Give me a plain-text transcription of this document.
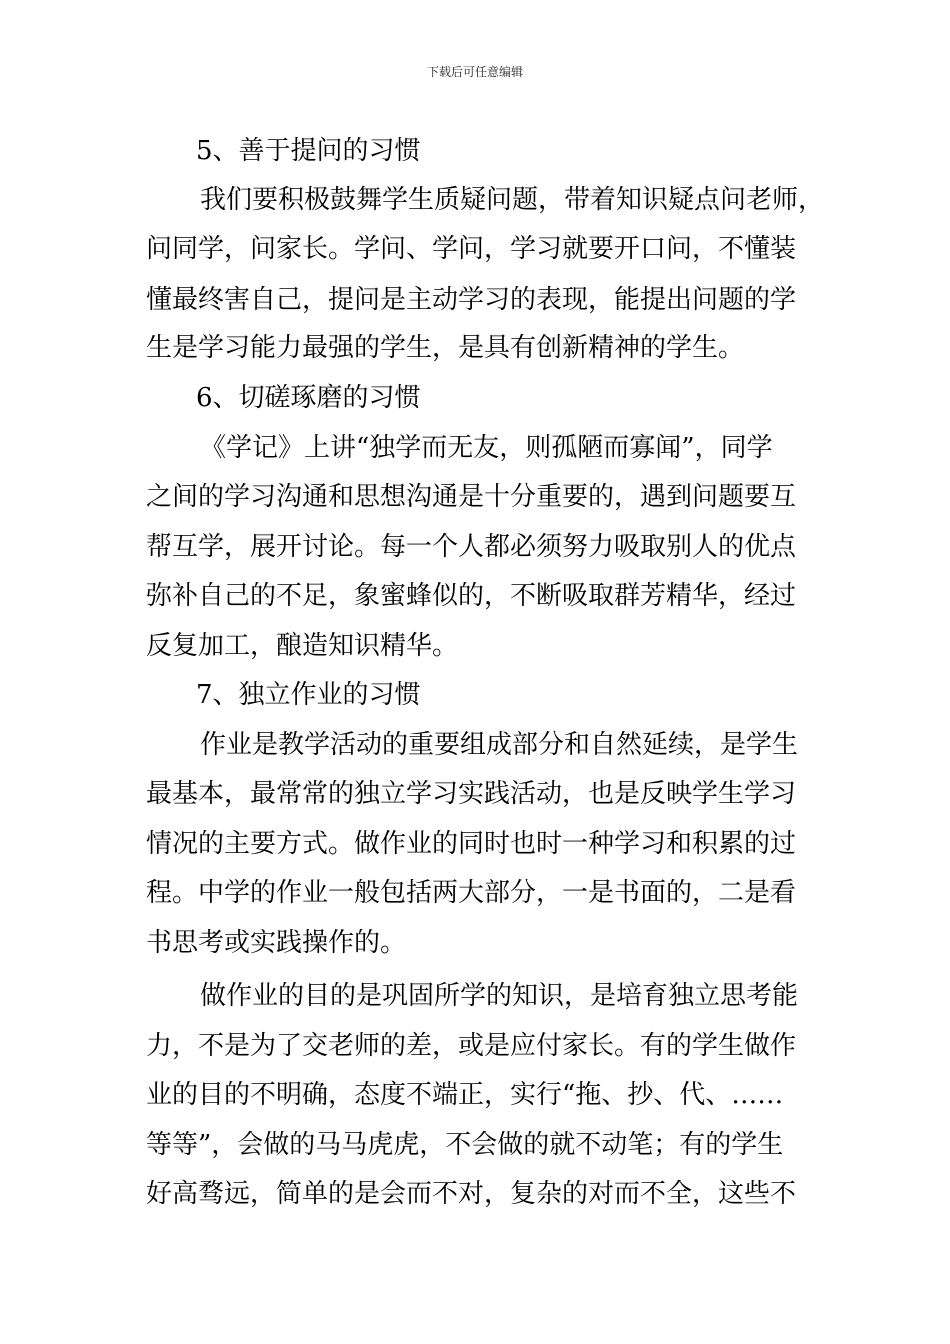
下载后可任意编辑
5、善于提问的习惯
我们要积极鼓舞学生质疑问题，带着知识疑点问老师，
问同学，问家长。学问、学问，学习就要开口问，不懂装
懂最终害自己，提问是主动学习的表现，能提出问题的学
生是学习能力最强的学生，是具有创新精神的学生。
6、切磋琢磨的习惯
《学记》上讲“独学而无友，则孤陋而寡闻”，同学
之间的学习沟通和思想沟通是十分重要的，遇到问题要互
帮互学，展开讨论。每一个人都必须努力吸取别人的优点
弥补自己的不足，象蜜蜂似的，不断吸取群芳精华，经过
反复加工，酿造知识精华。
7、独立作业的习惯
作业是教学活动的重要组成部分和自然延续，是学生
最基本，最常常的独立学习实践活动，也是反映学生学习
情况的主要方式。做作业的同时也时一种学习和积累的过
程。中学的作业一般包括两大部分，一是书面的，二是看
书思考或实践操作的。
做作业的目的是巩固所学的知识，是培育独立思考能
力，不是为了交老师的差，或是应付家长。有的学生做作
业的目的不明确，态度不端正，实行“拖、抄、代、……
等等”，会做的马马虎虎，不会做的就不动笔；有的学生
好高骛远，简单的是会而不对，复杂的对而不全，这些不
